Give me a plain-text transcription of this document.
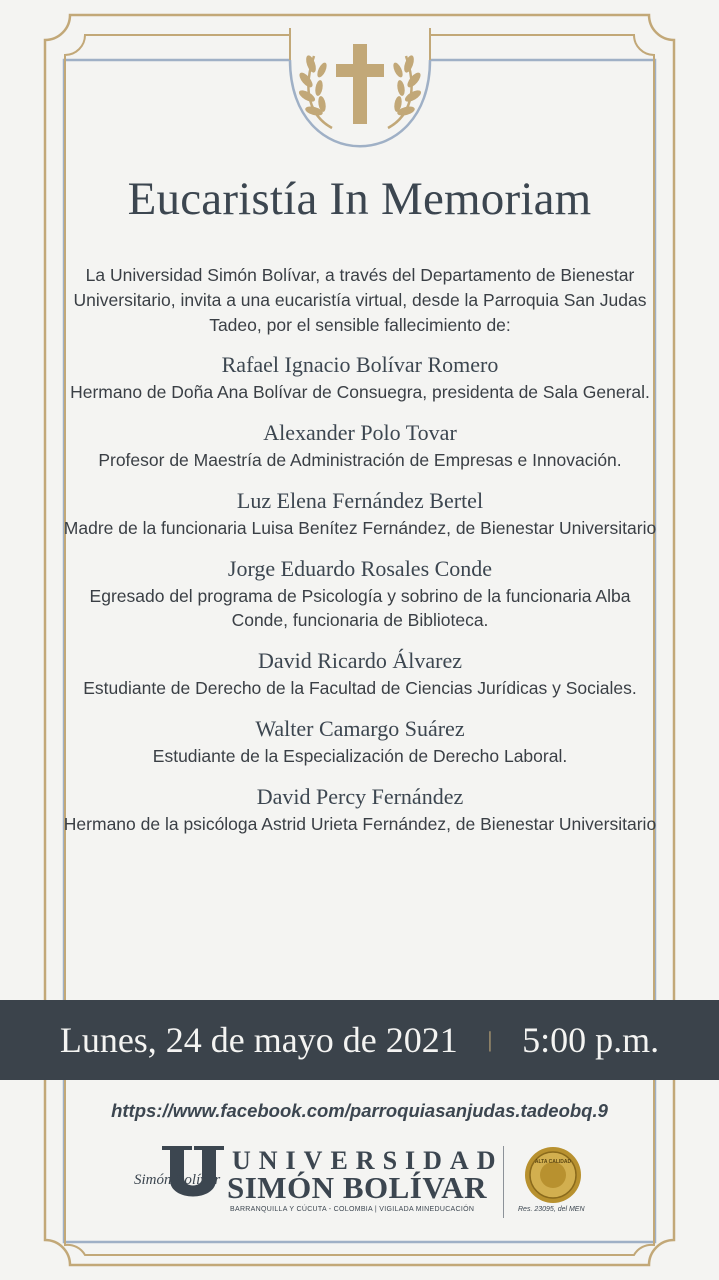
Eucaristía In Memoriam
La Universidad Simón Bolívar, a través del Departamento de Bienestar Universitario, invita a una eucaristía virtual, desde la Parroquia San Judas Tadeo, por el sensible fallecimiento de:
Rafael Ignacio Bolívar Romero
Hermano de Doña Ana Bolívar de Consuegra, presidenta de Sala General.
Alexander Polo Tovar
Profesor de Maestría de Administración de Empresas e Innovación.
Luz Elena Fernández Bertel
Madre de la funcionaria Luisa Benítez Fernández, de Bienestar Universitario
Jorge Eduardo Rosales Conde
Egresado del programa de Psicología y sobrino de la funcionaria Alba Conde, funcionaria de Biblioteca.
David Ricardo Álvarez
Estudiante de Derecho de la Facultad de Ciencias Jurídicas y Sociales.
Walter Camargo Suárez
Estudiante de la Especialización de Derecho Laboral.
David Percy Fernández
Hermano de la psicóloga Astrid Urieta Fernández, de Bienestar Universitario
Lunes, 24 de mayo de 2021 | 5:00 p.m.
https://www.facebook.com/parroquiasanjudas.tadeobq.9
Simón Bolívar
UNIVERSIDAD
SIMÓN BOLÍVAR
BARRANQUILLA Y CÚCUTA - COLOMBIA | VIGILADA MINEDUCACIÓN
ALTA CALIDAD
Res. 23095, del MEN
